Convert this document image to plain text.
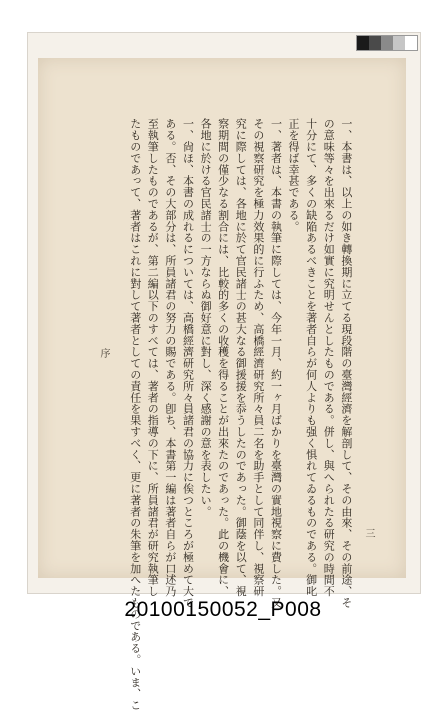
一、本書は、以上の如き轉換期に立てる現段階の臺灣經濟を解剖して、その由來、その前途、そ
の意味等々を出來るだけ如實に究明せんとしたものである。併し、與へられたる研究の時間不
十分にて、多くの缺陥あるべきことを著者自らが何人よりも强く惧れてゐるものである。御叱
正を得ば幸甚である。
一、著者は、本書の執筆に際しては、今年一月、約一ヶ月ばかりを臺灣の實地視察に費した。又
その視察研究を極力效果的に行ふため、高橋經濟研究所々員二名を助手として同伴し、視察研
究に際しては、各地に於て官民諸士の甚大なる御援援を忝うしたのであった。御蔭を以て、視
察期間の僅少なる割合には、比較的多くの收穫を得ることが出來たのであった。此の機會に、
各地に於ける官民諸士の一方ならぬ御好意に對し、深く感謝の意を表したい。
一、尙ほ、本書の成れるについては、高橋經濟研究所々員諸君の協力に俟つところが極めて大で
ある。否、その大部分は、所員諸君の努力の賜である。卽ち、本書第一編は著者自らが口述乃
至執筆したものであるが、第二編以下のすべては、著者の指導の下に、所員諸君が研究執筆し
たものであって、著者はこれに對して著者としての責任を果すべく、更に著者の朱筆を加へたものである。いま、こ

序
三
20100150052_P008
